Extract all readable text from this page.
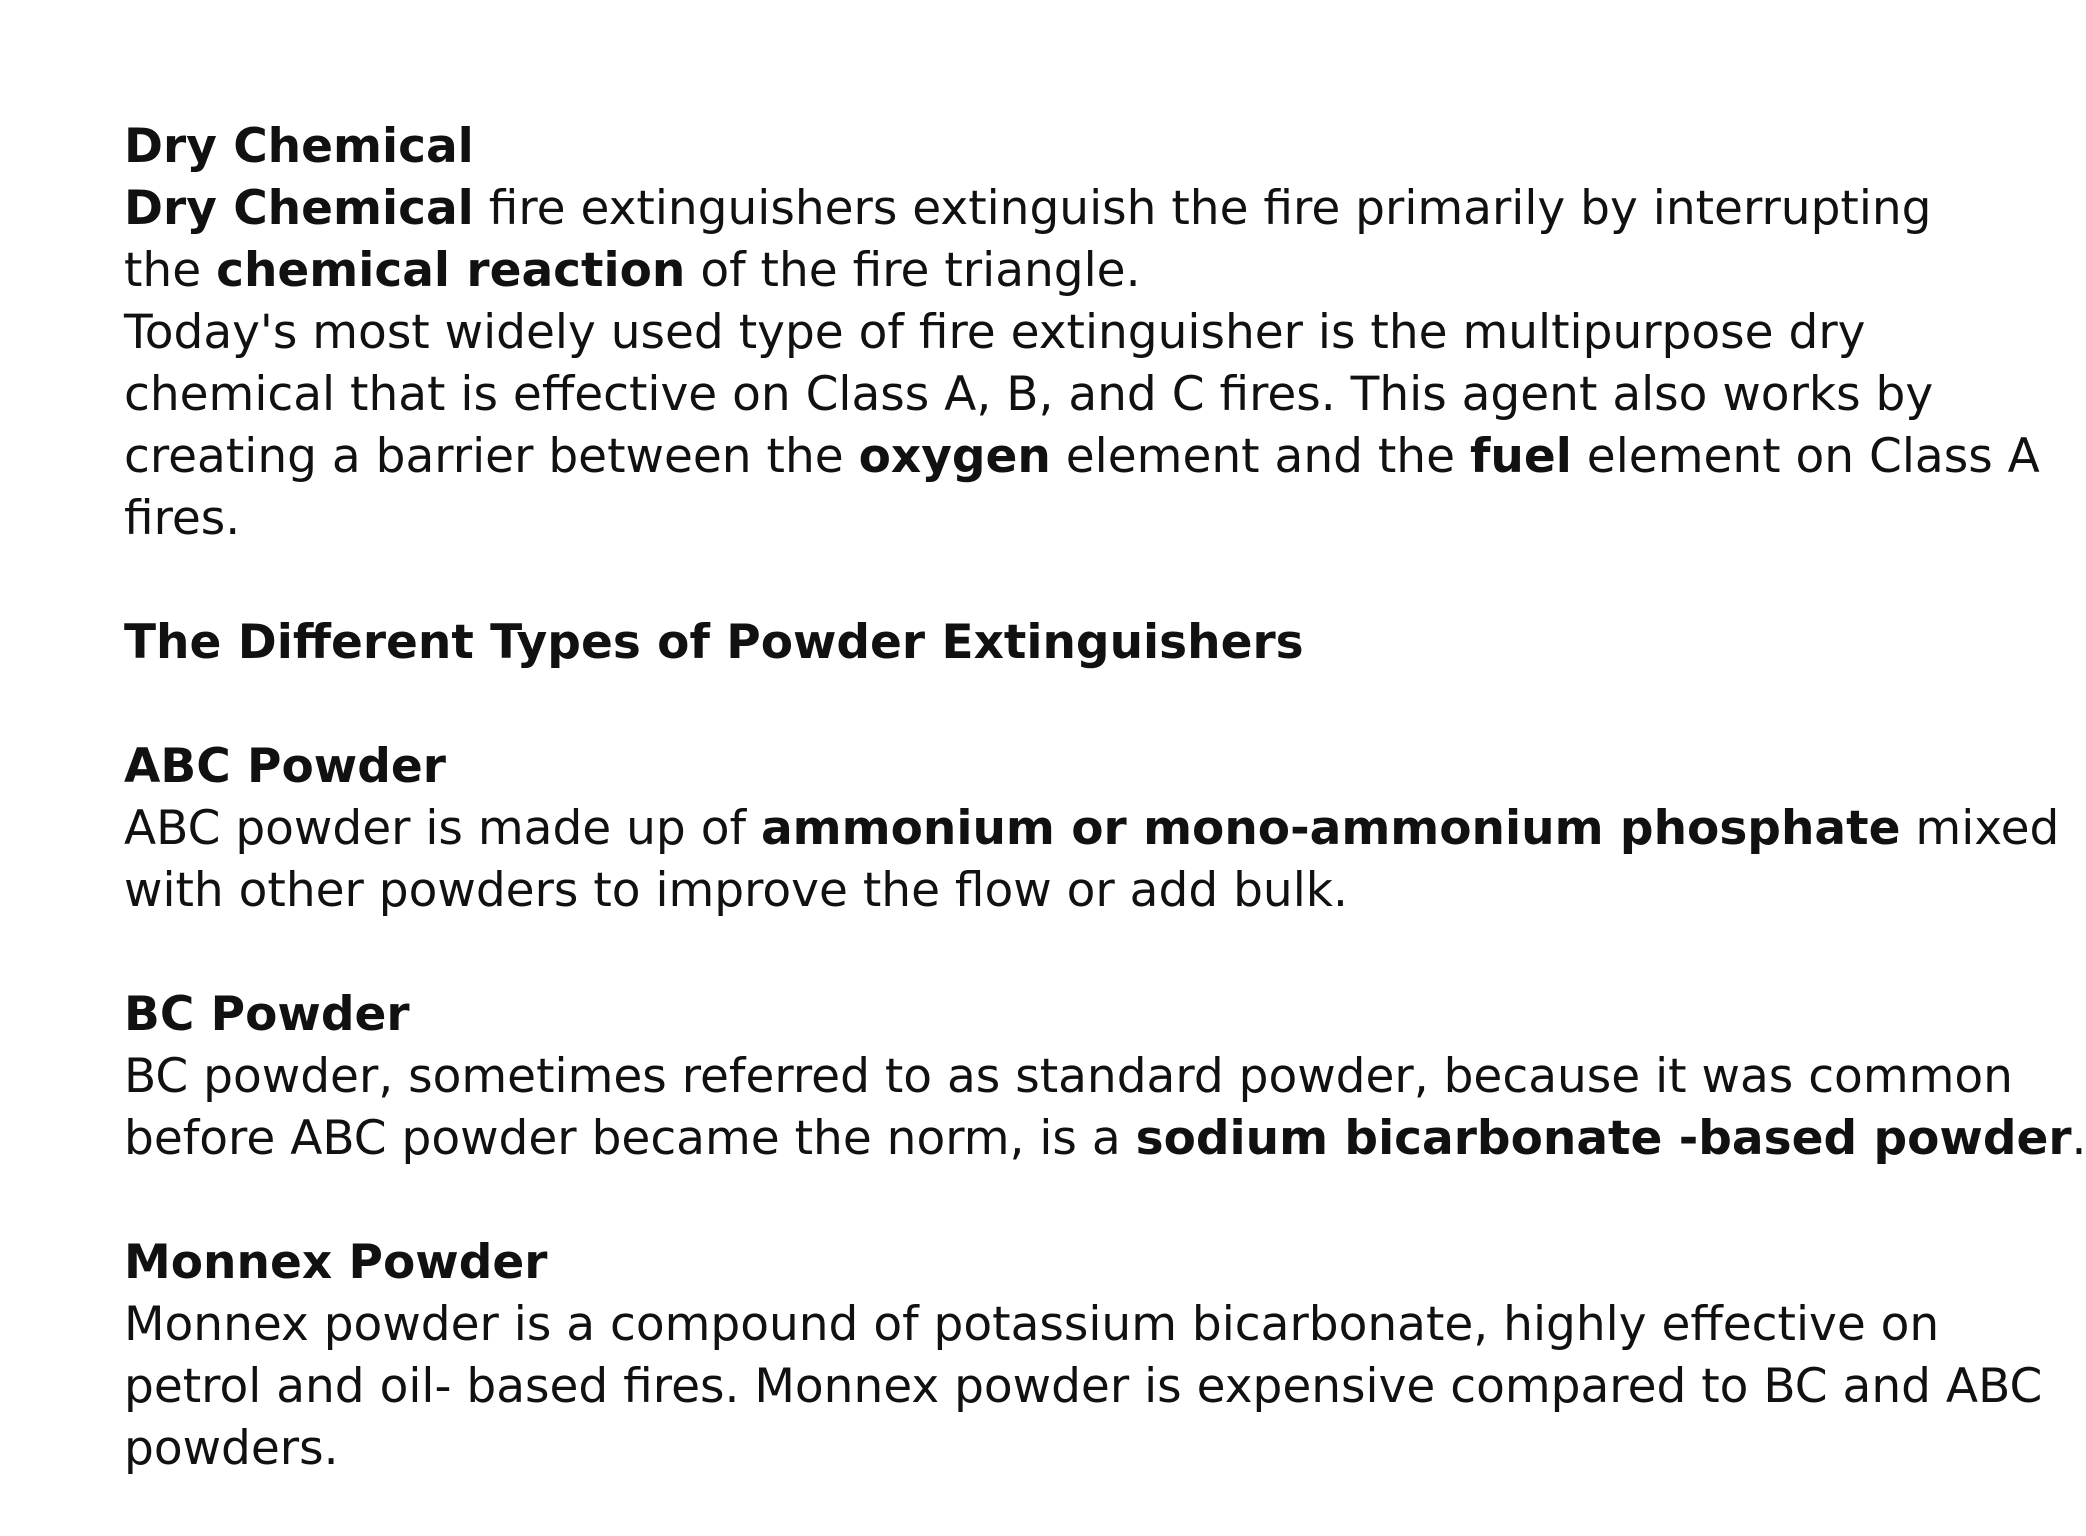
Dry Chemical
Dry Chemical fire extinguishers extinguish the fire primarily by interrupting
the chemical reaction of the fire triangle.
Today's most widely used type of fire extinguisher is the multipurpose dry
chemical that is effective on Class A, B, and C fires. This agent also works by
creating a barrier between the oxygen element and the fuel element on Class A
fires.
The Different Types of Powder Extinguishers
ABC Powder
ABC powder is made up of ammonium or mono-ammonium phosphate mixed
with other powders to improve the flow or add bulk.
BC Powder
BC powder, sometimes referred to as standard powder, because it was common
before ABC powder became the norm, is a sodium bicarbonate -based powder.
Monnex Powder
Monnex powder is a compound of potassium bicarbonate, highly effective on
petrol and oil- based fires. Monnex powder is expensive compared to BC and ABC
powders.
